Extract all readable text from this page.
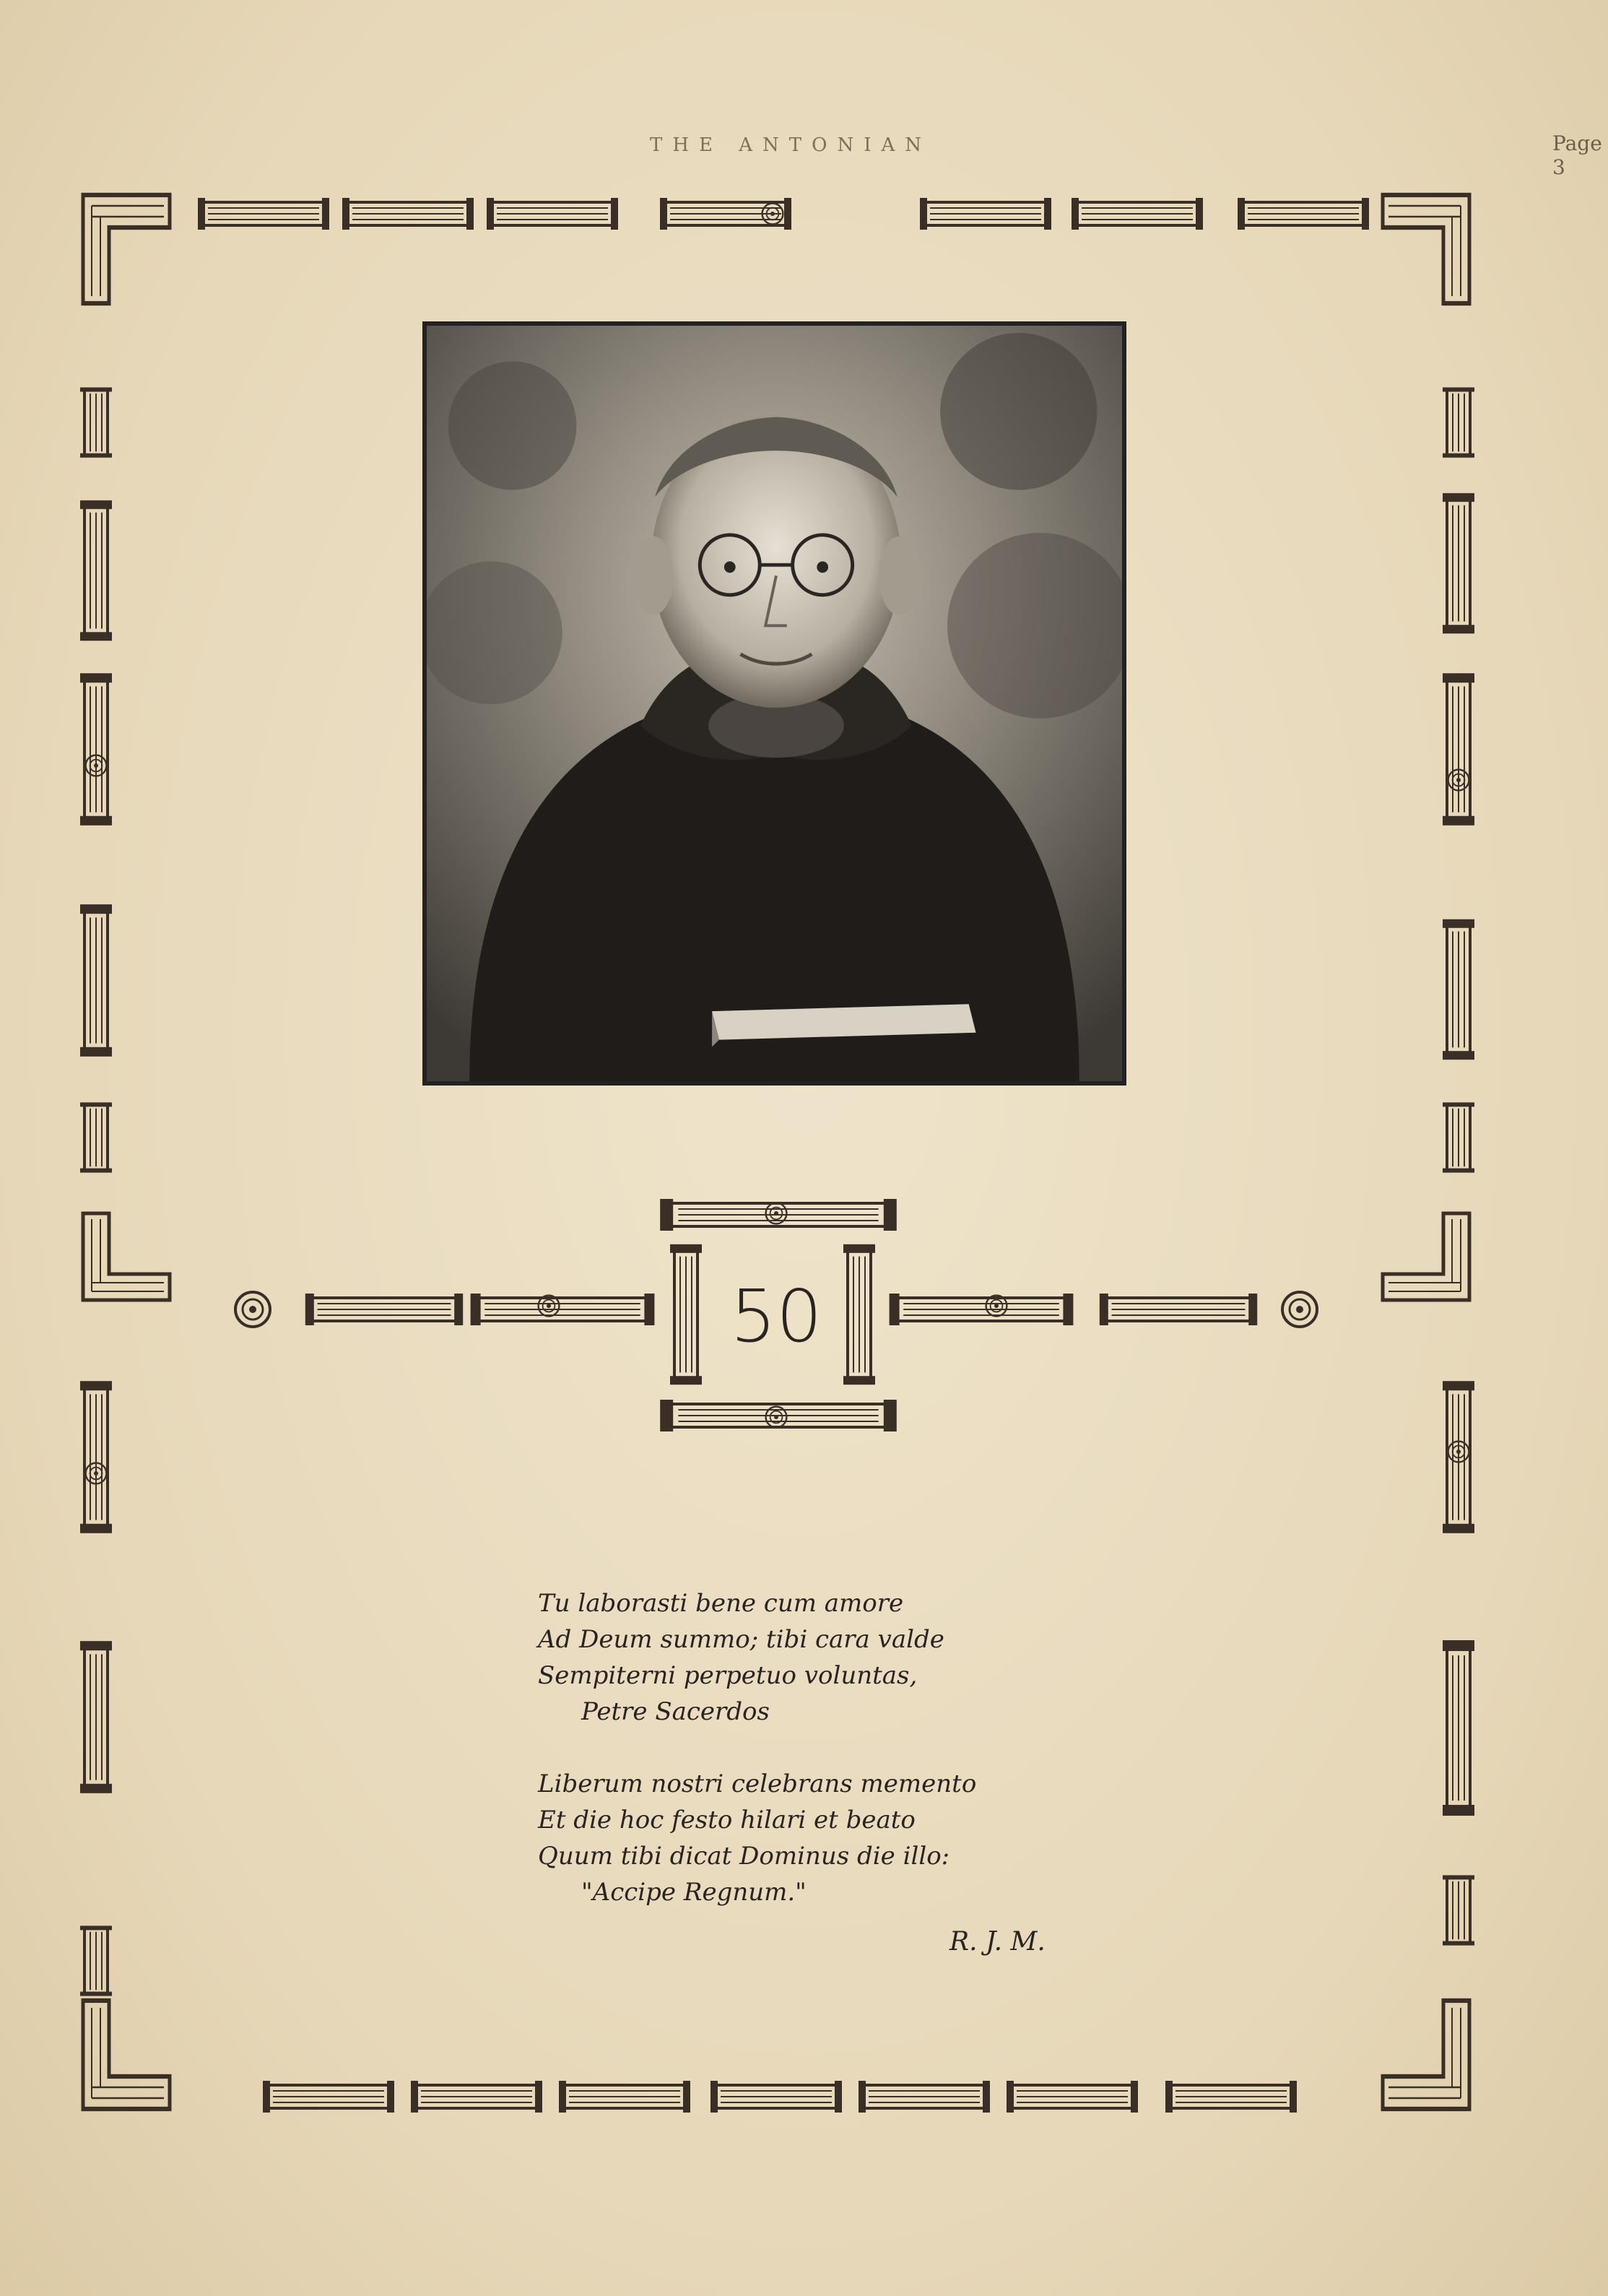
THE ANTONIAN	Page 3
50
Tu laborasti bene cum amore
Ad Deum summo; tibi cara valde
Sempiterni perpetuo voluntas,
Petre Sacerdos
Liberum nostri celebrans memento
Et die hoc festo hilari et beato
Quum tibi dicat Dominus die illo:
"Accipe Regnum."
R. J. M.
